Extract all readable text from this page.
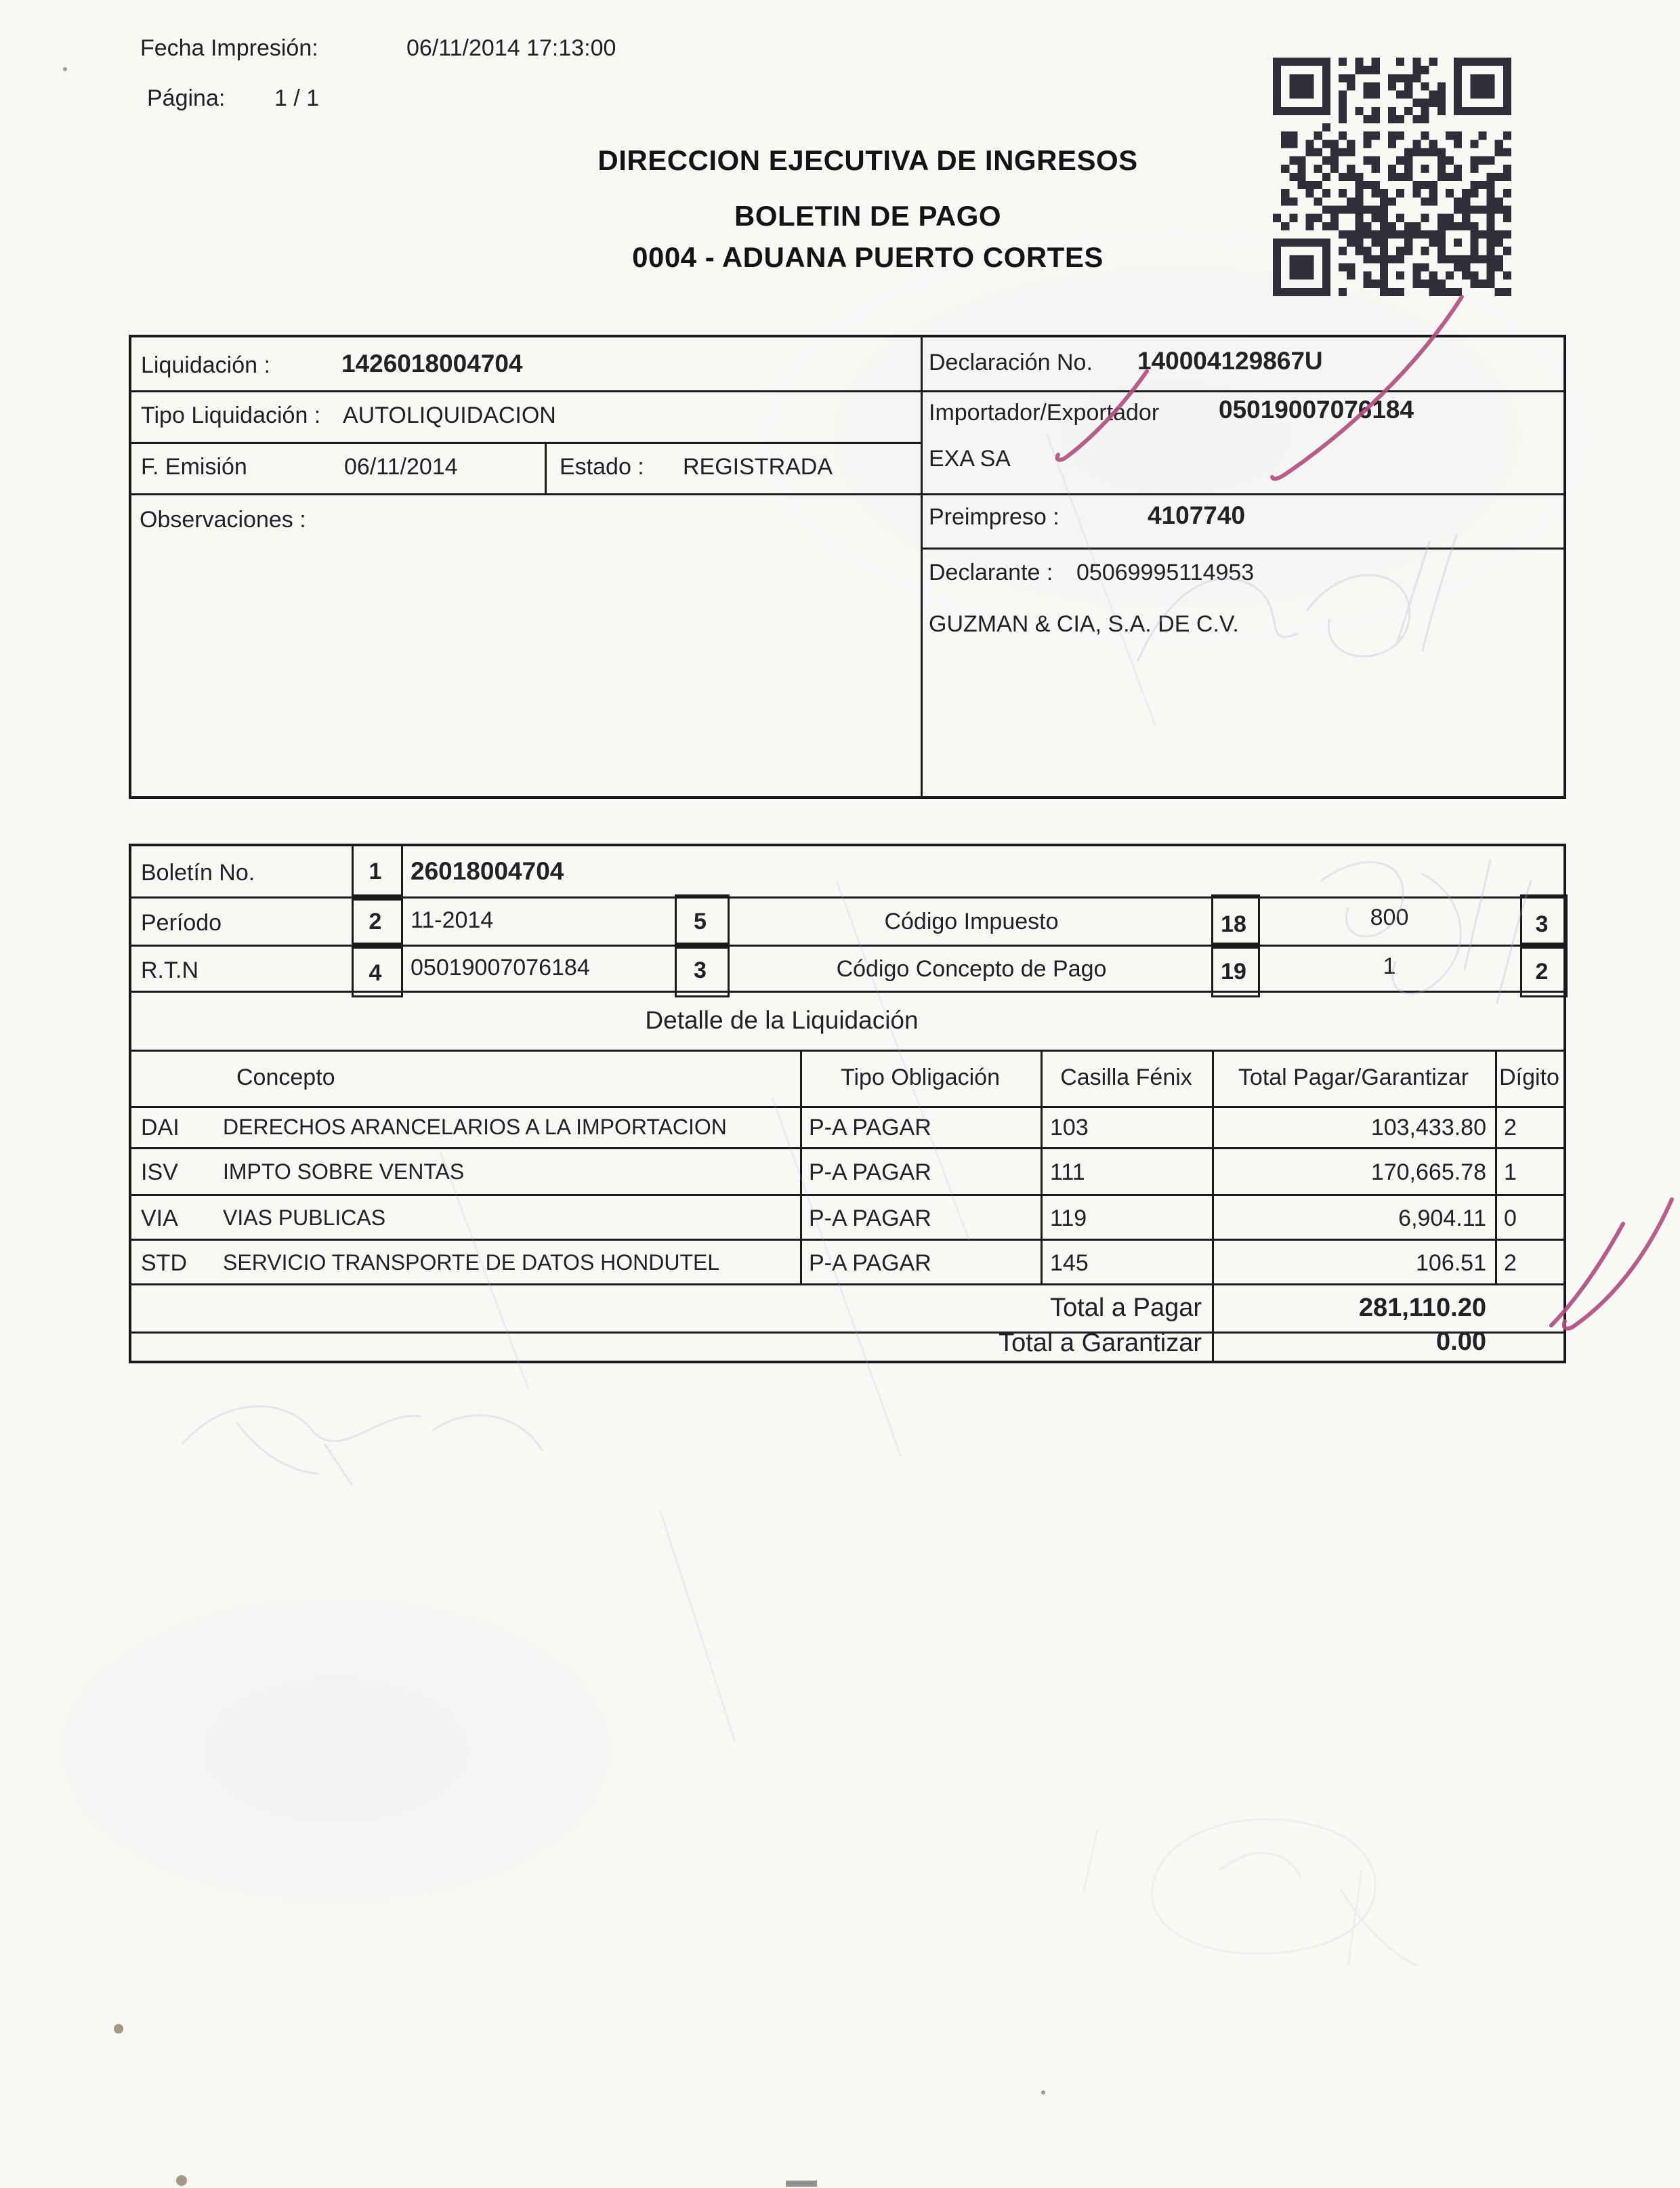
Fecha Impresión:	06/11/2014 17:13:00
Página: 1 / 1
DIRECCION EJECUTIVA DE INGRESOS
BOLETIN DE PAGO
0004 - ADUANA PUERTO CORTES
Liquidación :	1426018004704
Tipo Liquidación : AUTOLIQUIDACION
F. Emisión	06/11/2014	Estado : REGISTRADA
Observaciones :
Declaración No. 140004129867U
Importador/Exportador 05019007076184
EXA SA
Preimpreso :	4107740
Declarante : 05069995114953
GUZMAN & CIA, S.A. DE C.V.
Boletín No.	1	26018004704
Período	2	11-2014	5	Código Impuesto	18	800	3
R.T.N	4	05019007076184	3	Código Concepto de Pago	19	1	2
Detalle de la Liquidación
Concepto	Tipo Obligación	Casilla Fénix	Total Pagar/Garantizar	Dígito
DAI DERECHOS ARANCELARIOS A LA IMPORTACION	P-A PAGAR	103	103,433.80 2
ISV IMPTO SOBRE VENTAS	P-A PAGAR	111	170,665.78 1
VIA VIAS PUBLICAS	P-A PAGAR	119	6,904.11 0
STD SERVICIO TRANSPORTE DE DATOS HONDUTEL	P-A PAGAR	145	106.51 2
Total a Pagar	281,110.20
Total a Garantizar	0.00
